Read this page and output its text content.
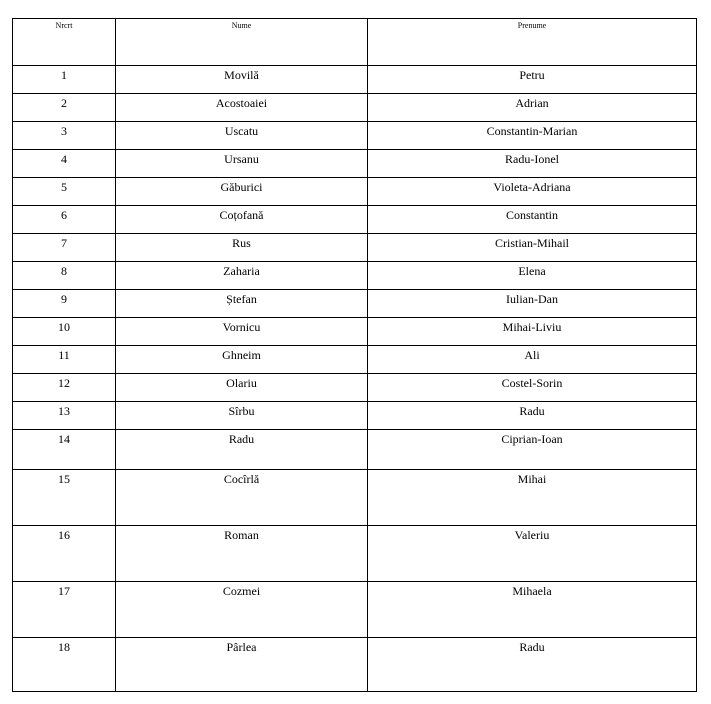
Nrcrt	Nume	Prenume
1	Movilă	Petru
2	Acostoaiei	Adrian
3	Uscatu	Constantin-Marian
4	Ursanu	Radu-Ionel
5	Găburici	Violeta-Adriana
6	Coțofană	Constantin
7	Rus	Cristian-Mihail
8	Zaharia	Elena
9	Ștefan	Iulian-Dan
10	Vornicu	Mihai-Liviu
11	Ghneim	Ali
12	Olariu	Costel-Sorin
13	Sîrbu	Radu
14	Radu	Ciprian-Ioan
15	Cocîrlă	Mihai
16	Roman	Valeriu
17	Cozmei	Mihaela
18	Pârlea	Radu
